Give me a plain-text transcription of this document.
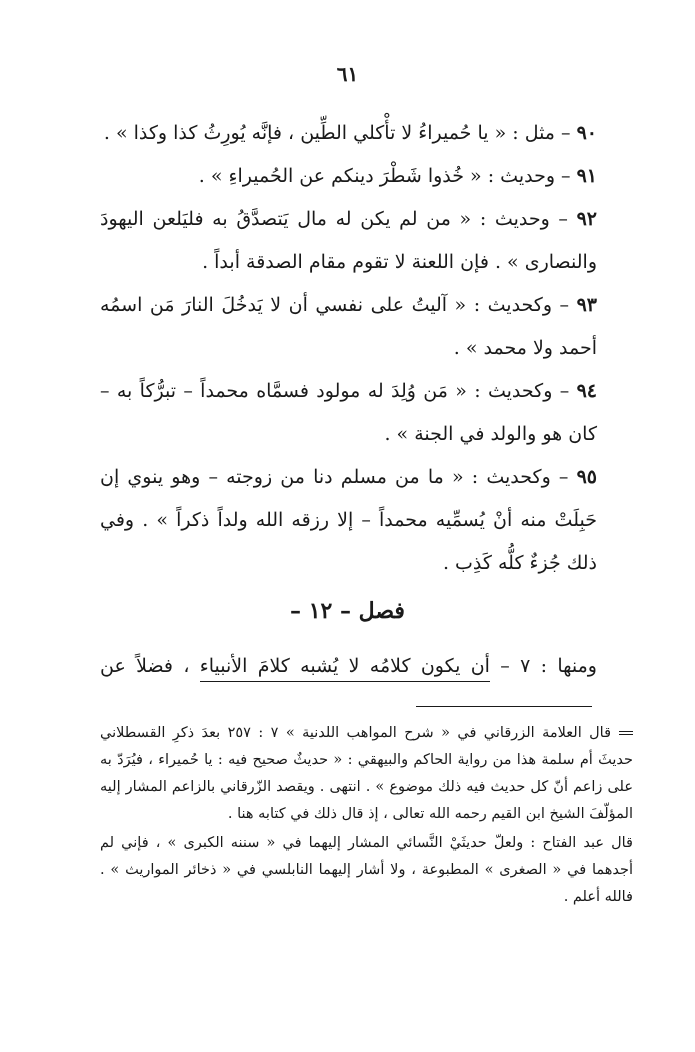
٦١

٩٠ – مثل : « يا حُميراءُ لا تأْكلي الطِّين ، فإنَّه يُورِثُ كذا وكذا » .

٩١ – وحديث : « خُذوا شَطْرَ دينكم عن الحُميراءِ » .

٩٢ – وحديث : « من لم يكن له مال يَتصدَّقُ به فليَلعن اليهودَ والنصارى » . فإن اللعنة لا تقوم مقام الصدقة أبداً .

٩٣ – وكحديث : « آليتُ على نفسي أن لا يَدخُلَ النارَ مَن اسمُه أحمد ولا محمد » .

٩٤ – وكحديث : « مَن وُلِدَ له مولود فسمَّاه محمداً – تبرُّكاً به – كان هو والولد في الجنة » .

٩٥ – وكحديث : « ما من مسلم دنا من زوجته – وهو ينوي إن حَبِلَتْ منه أنْ يُسمِّيه محمداً – إلا رزقه الله ولداً ذكراً » . وفي ذلك جُزءٌ كلُّه كَذِب .

فصل – ١٢ –
ومنها : ٧ – أن يكون كلامُه لا يُشبه كلامَ الأنبياء ، فضلاً عن

قال العلامة الزرقاني في « شرح المواهب اللدنية » ٧ : ٢٥٧ بعدَ ذكرِ القسطلاني حديثَ أم سلمة هذا من رواية الحاكم والبيهقي : « حديثٌ صحيح فيه : يا حُميراء ، فيُرَدّ به على زاعم أنّ كل حديث فيه ذلك موضوع » . انتهى . ويقصد الزّرقاني بالزاعم المشار إليه المؤلّفَ الشيخ ابن القيم رحمه الله تعالى ، إذ قال ذلك في كتابه هنا .

قال عبد الفتاح : ولعلّ حديثَيْ النَّسائي المشار إليهما في « سننه الكبرى » ، فإني لم أجدهما في « الصغرى » المطبوعة ، ولا أشار إليهما النابلسي في « ذخائر المواريث » . فالله أعلم .
